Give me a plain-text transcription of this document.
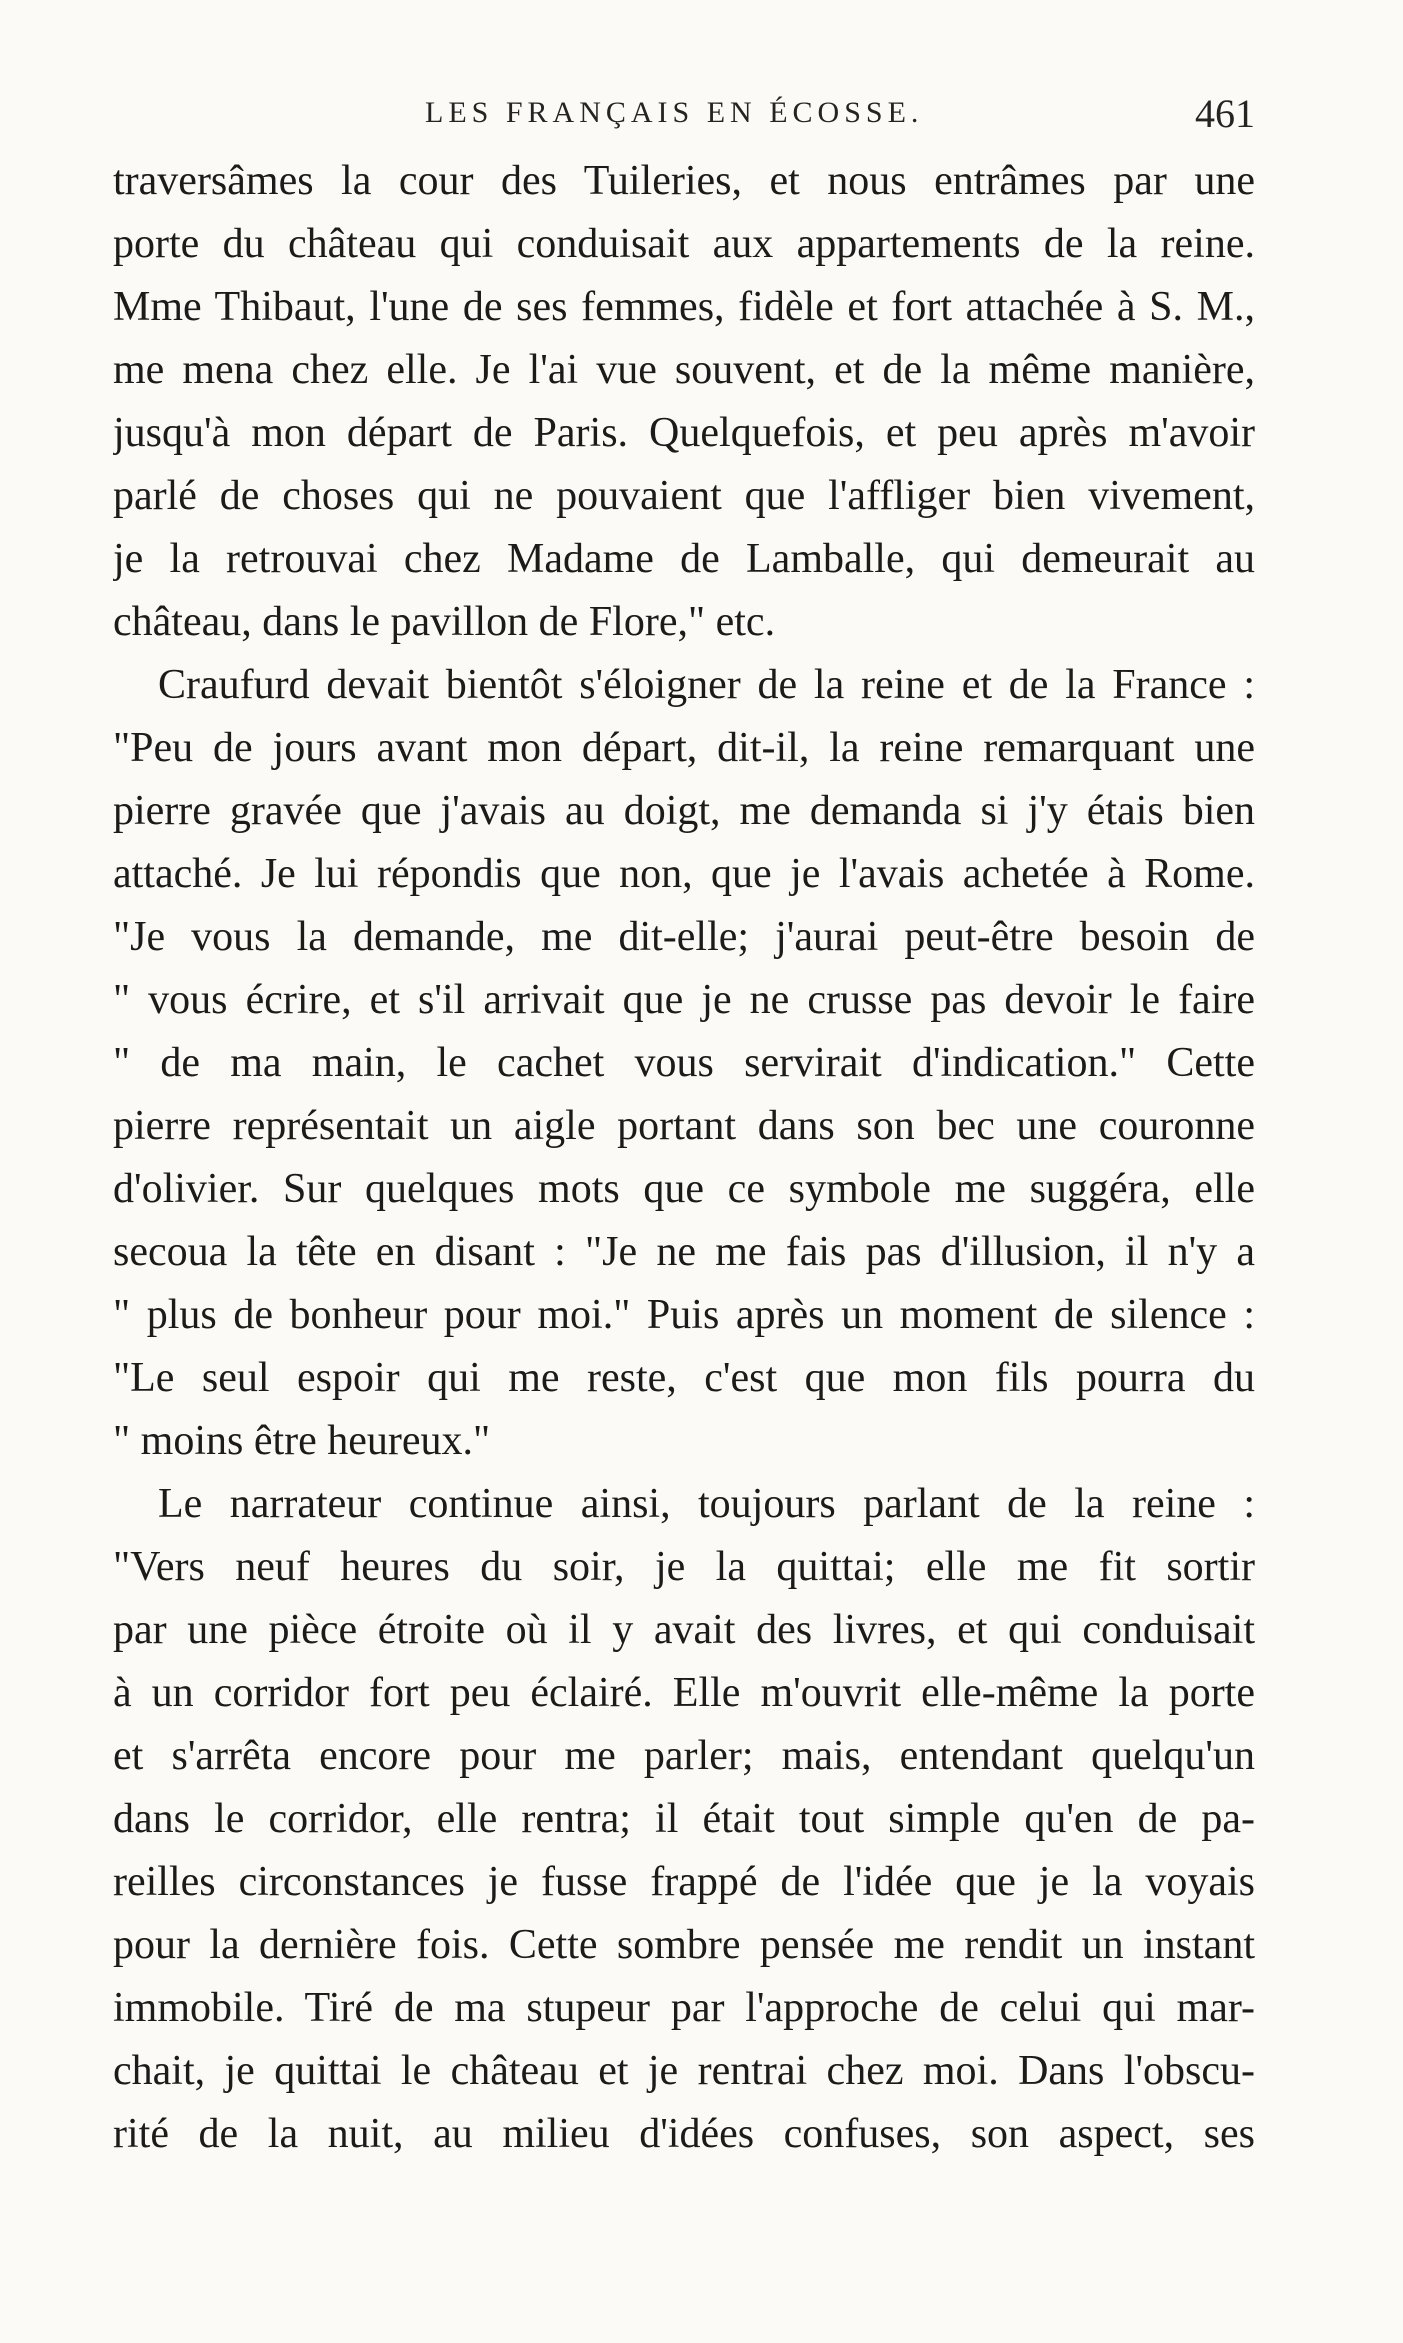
LES FRANÇAIS EN ÉCOSSE.	461
traversâmes la cour des Tuileries, et nous entrâmes par une
porte du château qui conduisait aux appartements de la reine.
Mme Thibaut, l'une de ses femmes, fidèle et fort attachée à S. M.,
me mena chez elle. Je l'ai vue souvent, et de la même manière,
jusqu'à mon départ de Paris. Quelquefois, et peu après m'avoir
parlé de choses qui ne pouvaient que l'affliger bien vivement,
je la retrouvai chez Madame de Lamballe, qui demeurait au
château, dans le pavillon de Flore," etc.
Craufurd devait bientôt s'éloigner de la reine et de la France :
"Peu de jours avant mon départ, dit-il, la reine remarquant une
pierre gravée que j'avais au doigt, me demanda si j'y étais bien
attaché. Je lui répondis que non, que je l'avais achetée à Rome.
"Je vous la demande, me dit-elle; j'aurai peut-être besoin de
" vous écrire, et s'il arrivait que je ne crusse pas devoir le faire
" de ma main, le cachet vous servirait d'indication." Cette
pierre représentait un aigle portant dans son bec une couronne
d'olivier. Sur quelques mots que ce symbole me suggéra, elle
secoua la tête en disant : "Je ne me fais pas d'illusion, il n'y a
" plus de bonheur pour moi." Puis après un moment de silence :
"Le seul espoir qui me reste, c'est que mon fils pourra du
" moins être heureux."
Le narrateur continue ainsi, toujours parlant de la reine :
"Vers neuf heures du soir, je la quittai; elle me fit sortir
par une pièce étroite où il y avait des livres, et qui conduisait
à un corridor fort peu éclairé. Elle m'ouvrit elle-même la porte
et s'arrêta encore pour me parler; mais, entendant quelqu'un
dans le corridor, elle rentra; il était tout simple qu'en de pa-
reilles circonstances je fusse frappé de l'idée que je la voyais
pour la dernière fois. Cette sombre pensée me rendit un instant
immobile. Tiré de ma stupeur par l'approche de celui qui mar-
chait, je quittai le château et je rentrai chez moi. Dans l'obscu-
rité de la nuit, au milieu d'idées confuses, son aspect, ses
